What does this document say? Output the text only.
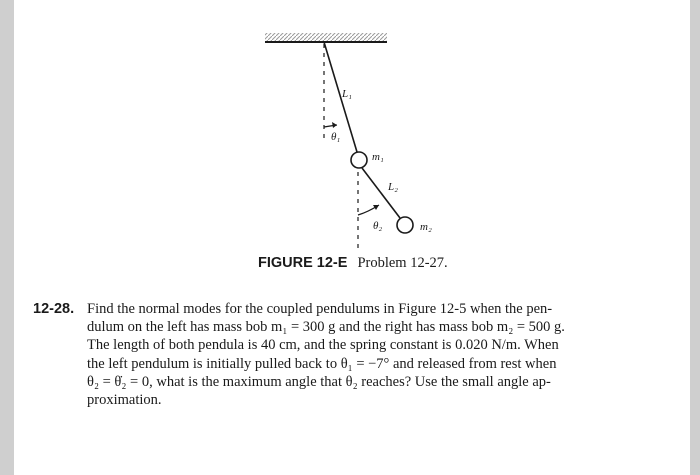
L₁
θ₁
m₁
L₂
θ₂	m₂
FIGURE 12-E Problem 12-27.
12-28. Find the normal modes for the coupled pendulums in Figure 12-5 when the pen-
dulum on the left has mass bob m₁ = 300 g and the right has mass bob m₂ = 500 g.
The length of both pendula is 40 cm, and the spring constant is 0.020 N/m. When
the left pendulum is initially pulled back to θ₁ = −7° and released from rest when
θ₂ = θ̇₂ = 0, what is the maximum angle that θ₂ reaches? Use the small angle ap-
proximation.
